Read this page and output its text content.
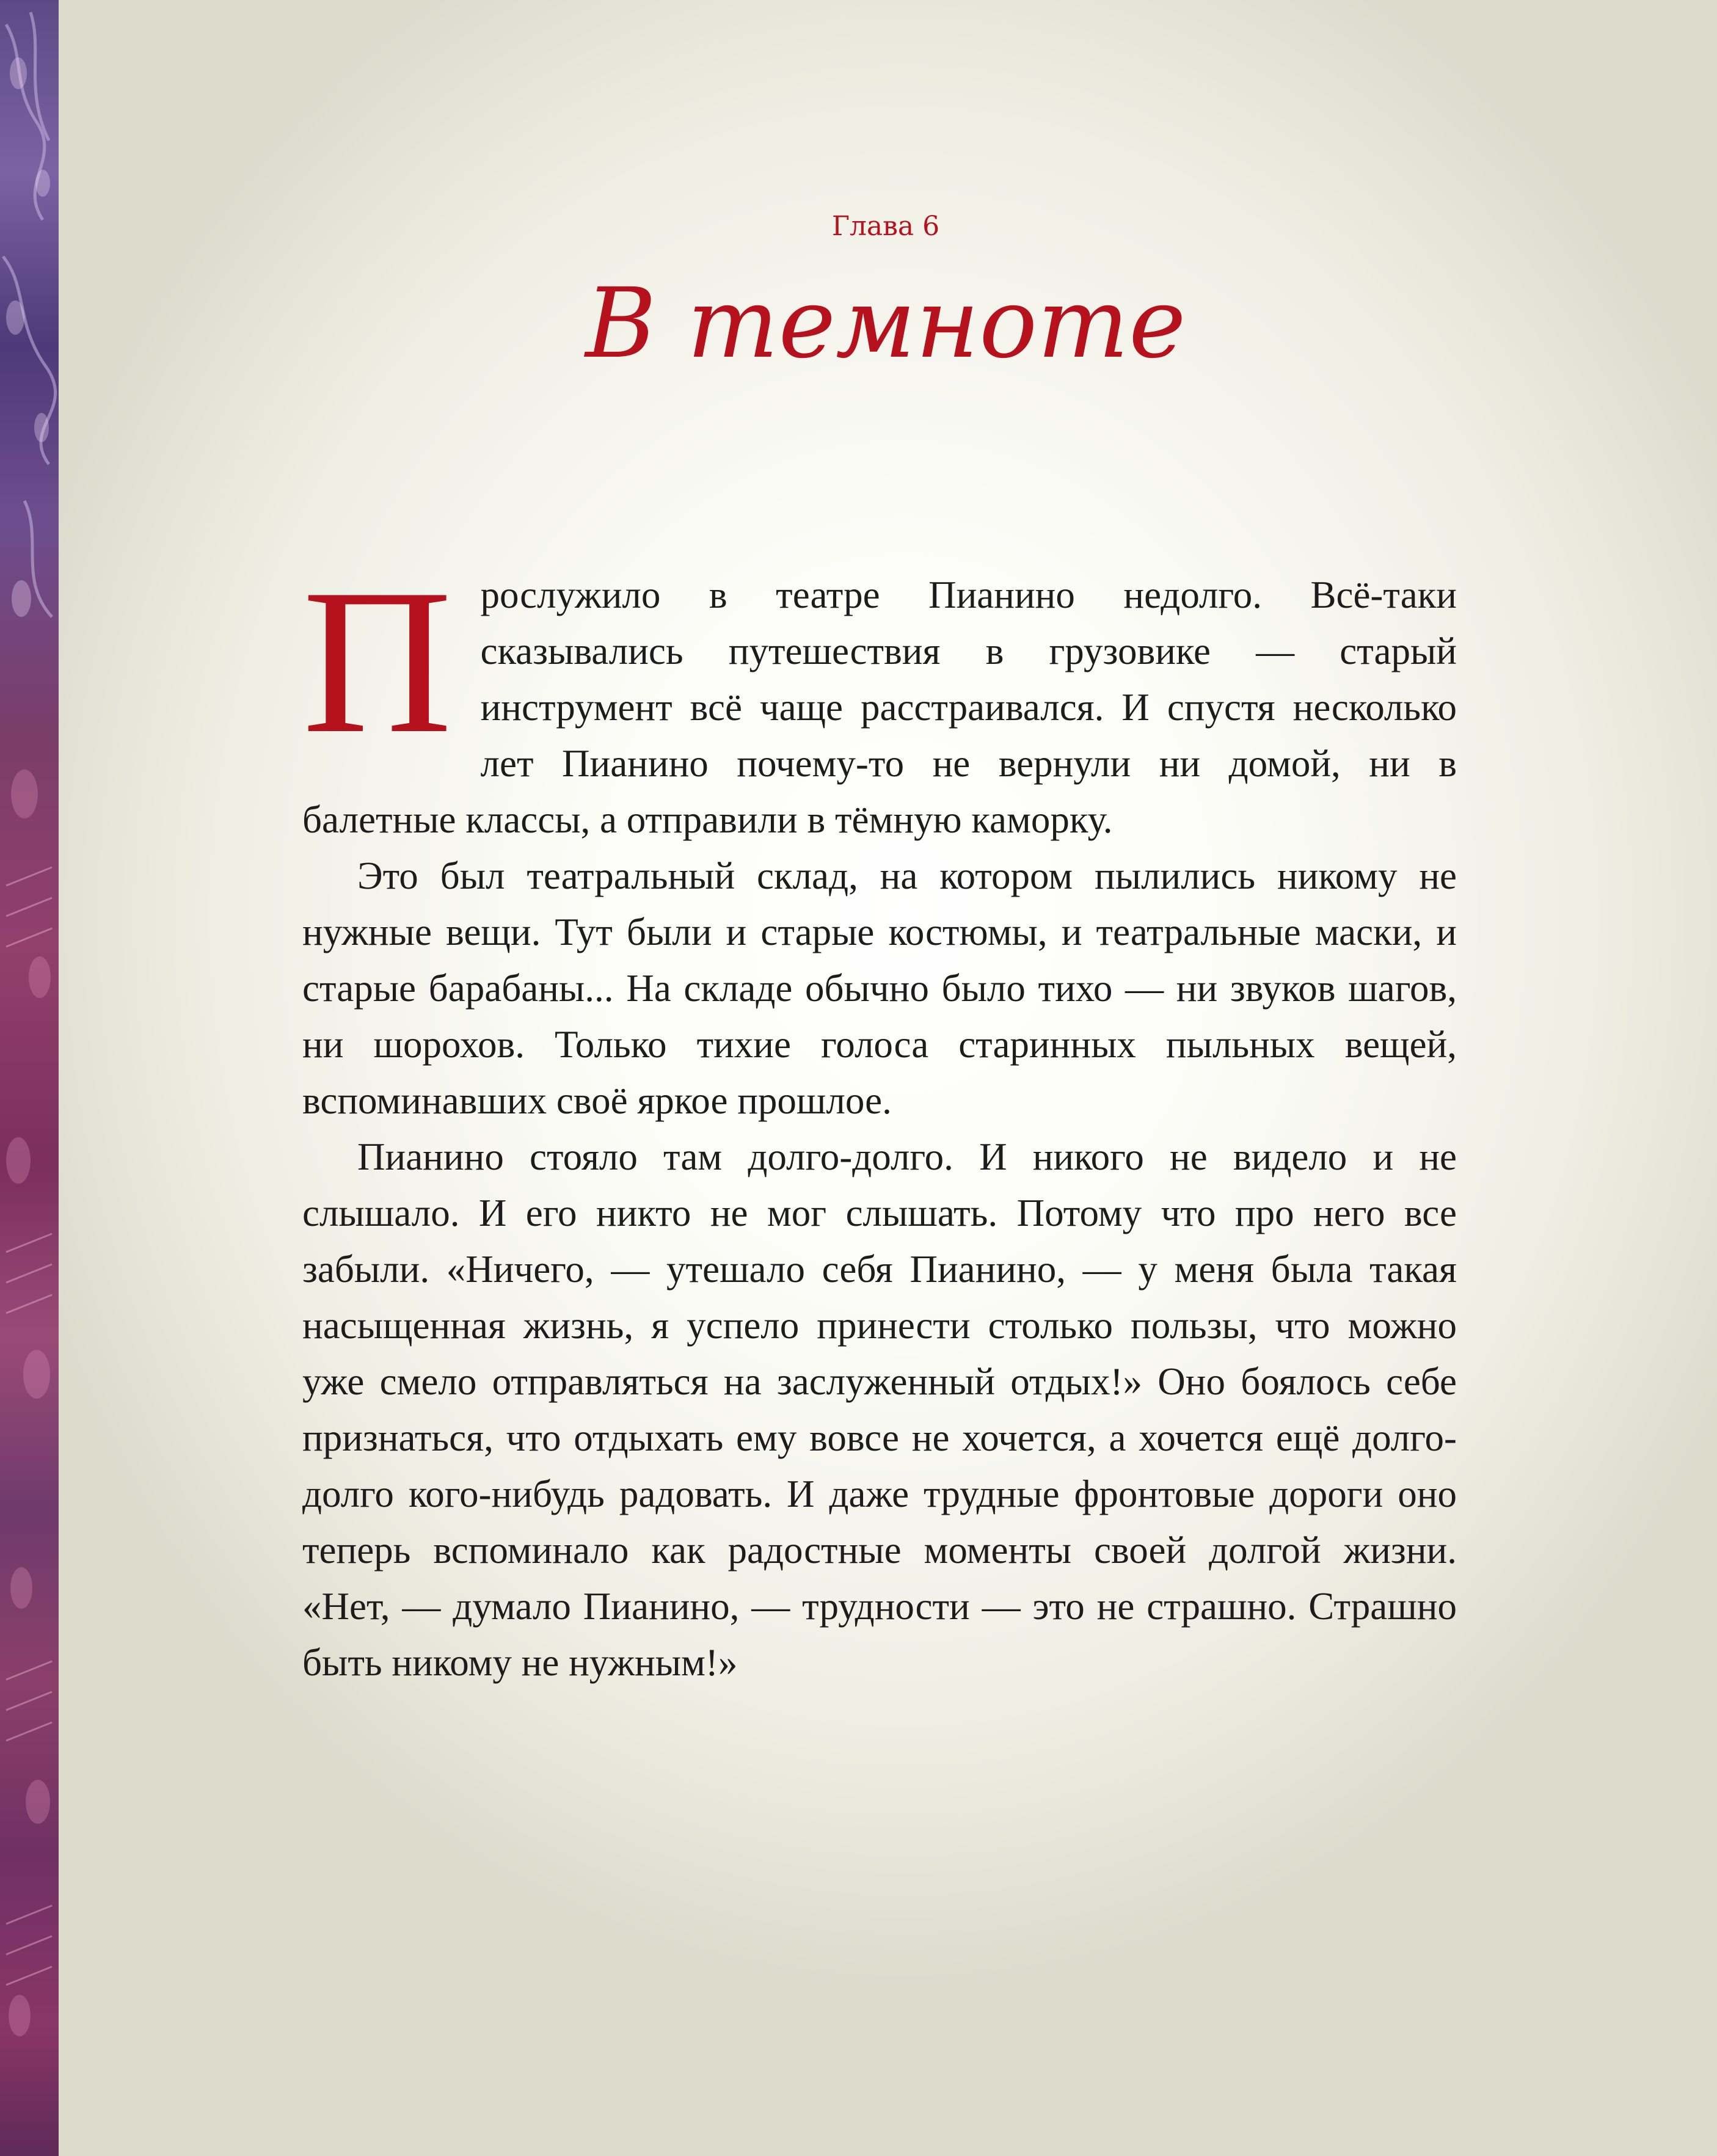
Глава 6
В темноте

П рослужило в театре Пианино недолго. Всё-таки сказывались путешествия в грузовике — старый инструмент всё чаще расстраивался. И спустя несколько лет Пианино почему-то не вернули ни домой, ни в балетные классы, а отправили в тёмную каморку.

Это был театральный склад, на котором пылились никому не нужные вещи. Тут были и старые костюмы, и театральные маски, и старые барабаны... На складе обычно было тихо — ни звуков шагов, ни шорохов. Только тихие голоса старинных пыльных вещей, вспоминавших своё яркое прошлое.

Пианино стояло там долго-долго. И никого не видело и не слышало. И его никто не мог слышать. Потому что про него все забыли. «Ничего, — утешало себя Пианино, — у меня была такая насыщенная жизнь, я успело принести столько пользы, что можно уже смело отправляться на заслуженный отдых!» Оно боялось себе признаться, что отдыхать ему вовсе не хочется, а хочется ещё долго-долго кого-нибудь радовать. И даже трудные фронтовые дороги оно теперь вспоминало как радостные моменты своей долгой жизни. «Нет, — думало Пианино, — трудности — это не страшно. Страшно быть никому не нужным!»
